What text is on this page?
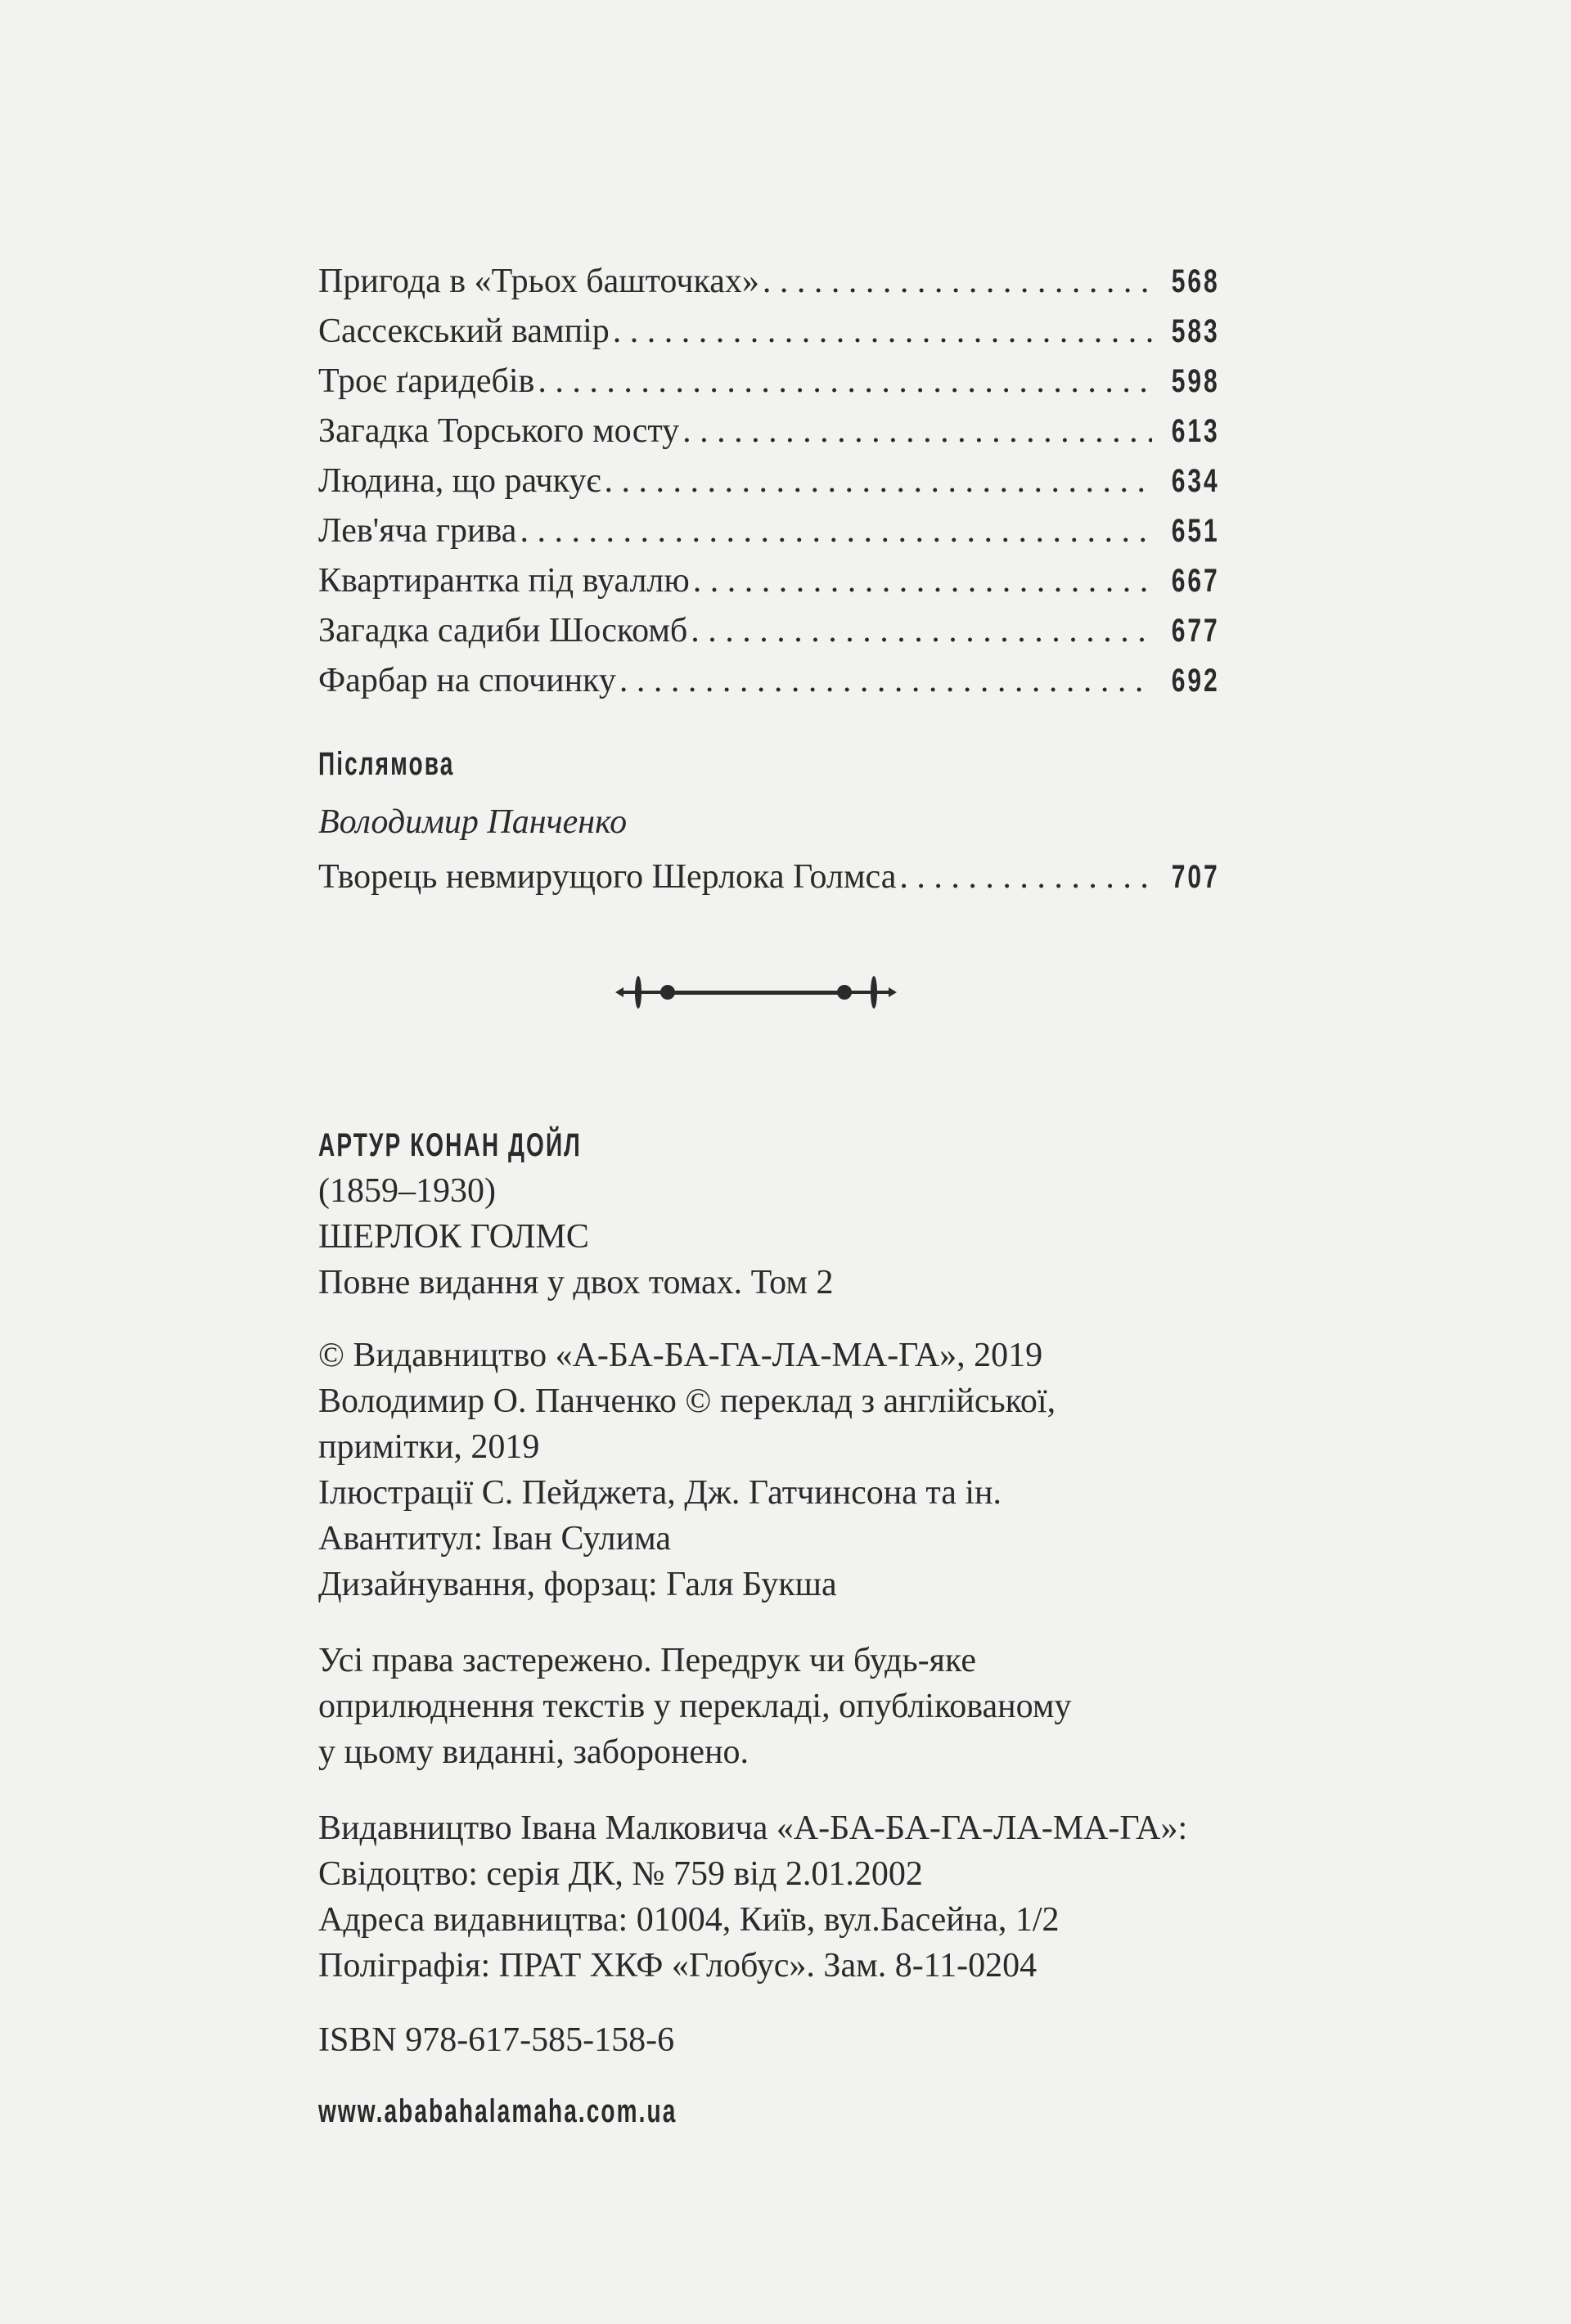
Пригода в «Трьох башточках» . . .	568
Сассекський вампір . . .	583
Троє ґаридебів . . .	598
Загадка Торського мосту . . .	613
Людина, що рачкує . . .	634
Лев'яча грива . . .	651
Квартирантка під вуаллю . . .	667
Загадка садиби Шоскомб . . .	677
Фарбар на спочинку . . .	692
Післямова
Володимир Панченко
Творець невмирущого Шерлока Голмса . . .	707
АРТУР КОНАН ДОЙЛ
(1859–1930)
ШЕРЛОК ГОЛМС
Повне видання у двох томах. Том 2
© Видавництво «А-БА-БА-ГА-ЛА-МА-ГА», 2019
Володимир О. Панченко © переклад з англійської,
примітки, 2019
Ілюстрації С. Пейджета, Дж. Гатчинсона та ін.
Авантитул: Іван Сулима
Дизайнування, форзац: Галя Букша
Усі права застережено. Передрук чи будь-яке
оприлюднення текстів у перекладі, опублікованому
у цьому виданні, заборонено.
Видавництво Івана Малковича «А-БА-БА-ГА-ЛА-МА-ГА»:
Свідоцтво: серія ДК, № 759 від 2.01.2002
Адреса видавництва: 01004, Київ, вул.Басейна, 1/2
Поліграфія: ПРАТ ХКФ «Глобус». Зам. 8-11-0204
ISBN 978-617-585-158-6
www.ababahalamaha.com.ua
